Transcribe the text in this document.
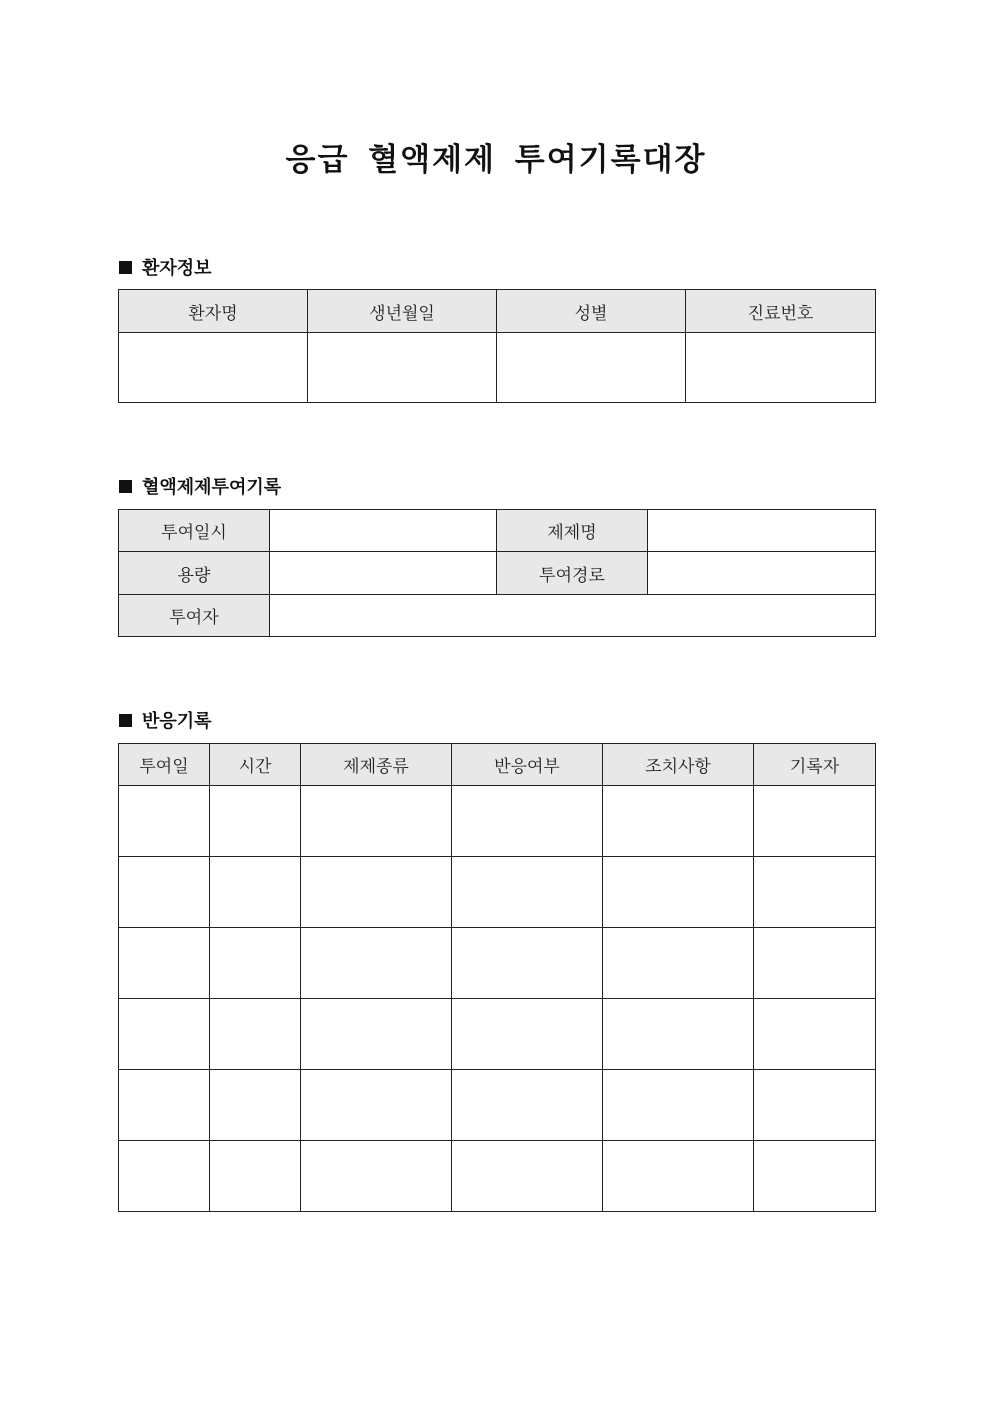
응급 혈액제제 투여기록대장
환자정보
환자명	생년월일	성별	진료번호

혈액제제투여기록
투여일시		제제명	
용량		투여경로	
투여자			
반응기록
투여일	시간	제제종류	반응여부	조치사항	기록자
